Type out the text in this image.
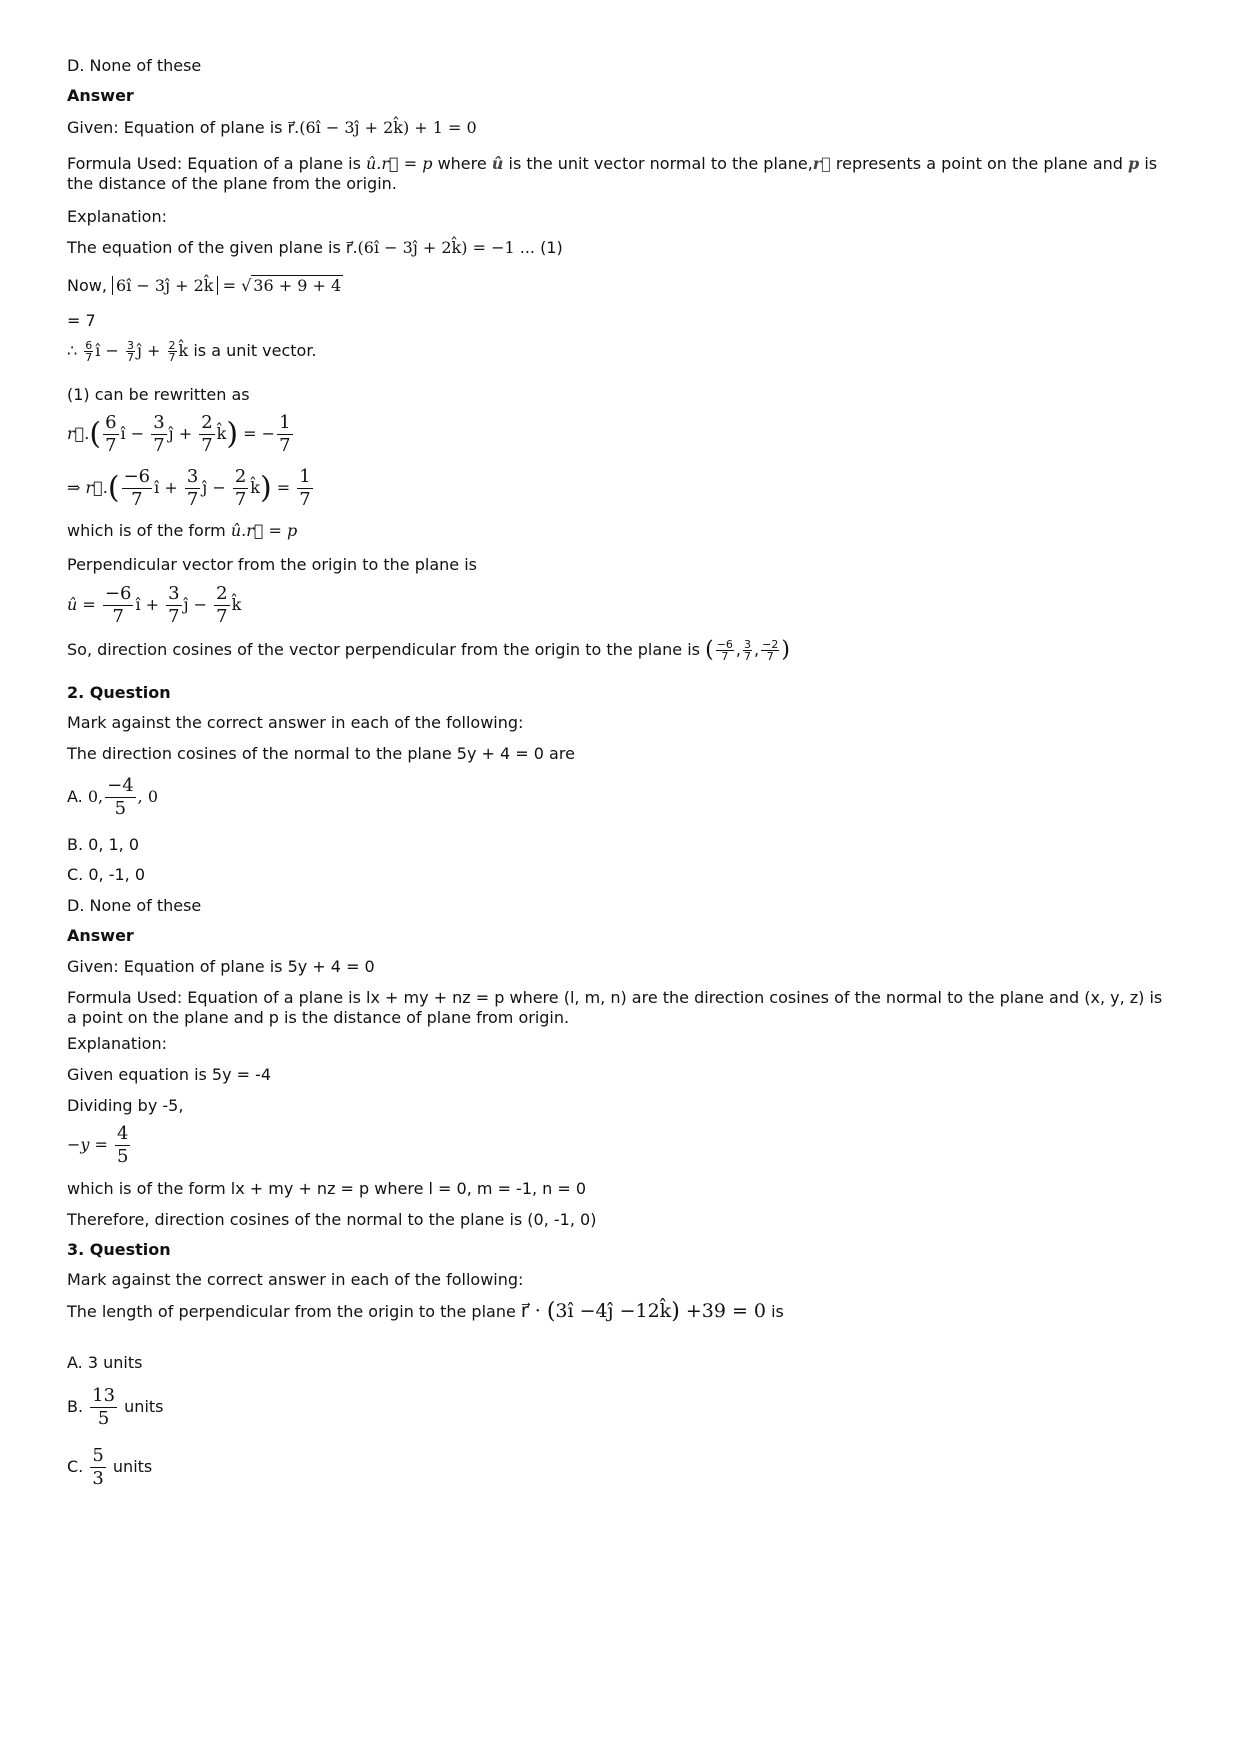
D. None of these

Answer

Given: Equation of plane is r⃗.(6î − 3ĵ + 2k̂) + 1 = 0

Formula Used: Equation of a plane is û.r⃗ = p where û is the unit vector normal to the plane,r⃗ represents a point on the plane and p is the distance of the plane from the origin.

Explanation:

The equation of the given plane is r⃗.(6î − 3ĵ + 2k̂) = −1 ... (1)

Now, 6î − 3ĵ + 2k̂ = √ 36 + 9 + 4

= 7

∴ $\frac{6}{7}$ î − $\frac{3}{7}$ ĵ + $\frac{2}{7}$ k̂ is a unit vector.

(1) can be rewritten as

r⃗.( $\frac{6}{7}$ î − $\frac{3}{7}$ ĵ + $\frac{2}{7}$ k̂) = − $\frac{1}{7}$

⇒ r⃗.( $\frac{-6}{7}$ î + $\frac{3}{7}$ ĵ − $\frac{2}{7}$ k̂) = $\frac{1}{7}$

which is of the form û.r⃗ = p

Perpendicular vector from the origin to the plane is

û = $\frac{-6}{7}$ î + $\frac{3}{7}$ ĵ − $\frac{2}{7}$ k̂

So, direction cosines of the vector perpendicular from the origin to the plane is ( $\frac{-6}{7}$ , $\frac{3}{7}$ , $\frac{-2}{7}$ )

2. Question

Mark against the correct answer in each of the following:

The direction cosines of the normal to the plane 5y + 4 = 0 are

A. 0, $\frac{-4}{5}$ , 0

B. 0, 1, 0

C. 0, -1, 0

D. None of these

Answer

Given: Equation of plane is 5y + 4 = 0

Formula Used: Equation of a plane is lx + my + nz = p where (l, m, n) are the direction cosines of the normal to the plane and (x, y, z) is a point on the plane and p is the distance of plane from origin.

Explanation:

Given equation is 5y = -4

Dividing by -5,

$-y = \frac{4}{5}$

which is of the form lx + my + nz = p where l = 0, m = -1, n = 0

Therefore, direction cosines of the normal to the plane is (0, -1, 0)

3. Question

Mark against the correct answer in each of the following:

The length of perpendicular from the origin to the plane r⃗ · (3î −4ĵ −12k̂) +39 = 0 is

A. 3 units

B. $\frac{13}{5}$ units

C. $\frac{5}{3}$ units
